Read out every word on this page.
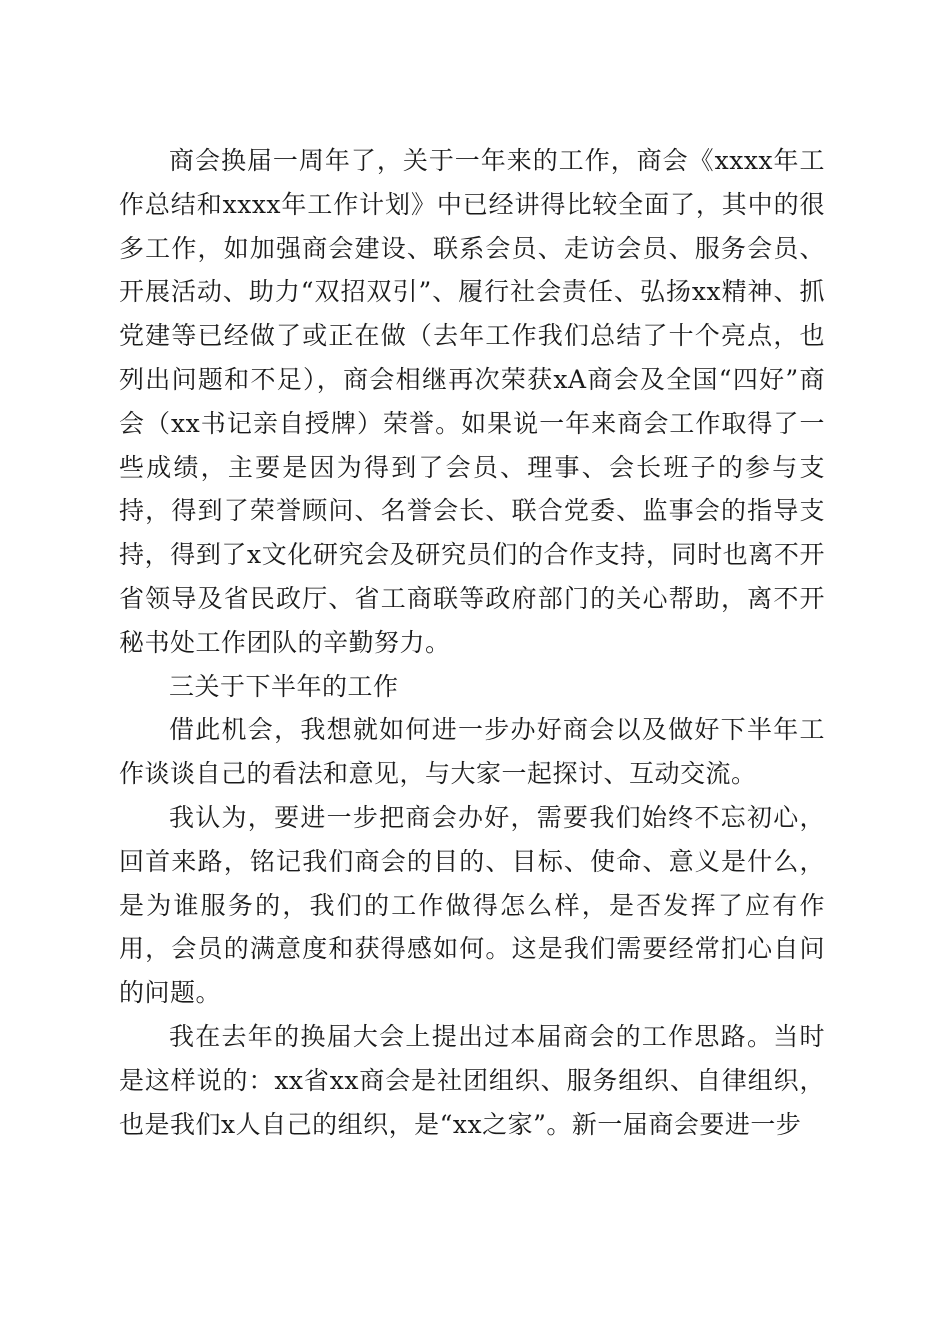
商会换届一周年了，关于一年来的工作，商会《xxxx年工作总结和xxxx年工作计划》中已经讲得比较全面了，其中的很多工作，如加强商会建设、联系会员、走访会员、服务会员、开展活动、助力“双招双引”、履行社会责任、弘扬xx精神、抓党建等已经做了或正在做（去年工作我们总结了十个亮点，也列出问题和不足），商会相继再次荣获xA商会及全国“四好”商会（xx书记亲自授牌）荣誉。如果说一年来商会工作取得了一些成绩，主要是因为得到了会员、理事、会长班子的参与支持，得到了荣誉顾问、名誉会长、联合党委、监事会的指导支持，得到了x文化研究会及研究员们的合作支持，同时也离不开省领导及省民政厅、省工商联等政府部门的关心帮助，离不开秘书处工作团队的辛勤努力。

三关于下半年的工作

借此机会，我想就如何进一步办好商会以及做好下半年工作谈谈自己的看法和意见，与大家一起探讨、互动交流。

我认为，要进一步把商会办好，需要我们始终不忘初心，回首来路，铭记我们商会的目的、目标、使命、意义是什么，是为谁服务的，我们的工作做得怎么样，是否发挥了应有作用，会员的满意度和获得感如何。这是我们需要经常扪心自问的问题。

我在去年的换届大会上提出过本届商会的工作思路。当时是这样说的：xx省xx商会是社团组织、服务组织、自律组织，也是我们x人自己的组织，是“xx之家”。新一届商会要进一步
